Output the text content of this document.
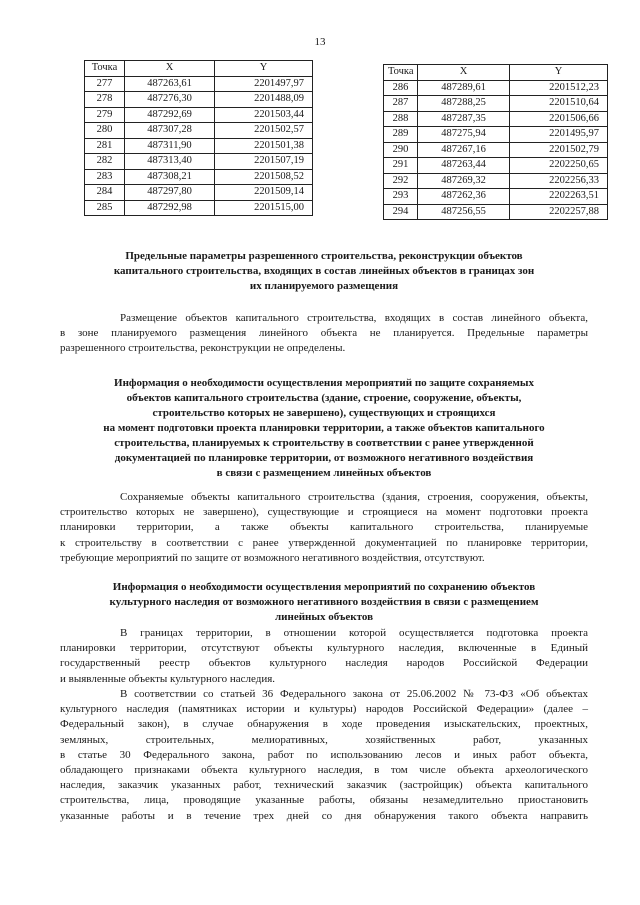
13
Точка	X	Y
277	487263,61	2201497,97
278	487276,30	2201488,09
279	487292,69	2201503,44
280	487307,28	2201502,57
281	487311,90	2201501,38
282	487313,40	2201507,19
283	487308,21	2201508,52
284	487297,80	2201509,14
285	487292,98	2201515,00
Точка	X	Y
286	487289,61	2201512,23
287	487288,25	2201510,64
288	487287,35	2201506,66
289	487275,94	2201495,97
290	487267,16	2201502,79
291	487263,44	2202250,65
292	487269,32	2202256,33
293	487262,36	2202263,51
294	487256,55	2202257,88
Предельные параметры разрешенного строительства, реконструкции объектов
капитального строительства, входящих в состав линейных объектов в границах зон
их планируемого размещения
Размещение объектов капитального строительства, входящих в состав линейного объекта,
в зоне планируемого размещения линейного объекта не планируется. Предельные параметры
разрешенного строительства, реконструкции не определены.
Информация о необходимости осуществления мероприятий по защите сохраняемых
объектов капитального строительства (здание, строение, сооружение, объекты,
строительство которых не завершено), существующих и строящихся
на момент подготовки проекта планировки территории, а также объектов капитального
строительства, планируемых к строительству в соответствии с ранее утвержденной
документацией по планировке территории, от возможного негативного воздействия
в связи с размещением линейных объектов
Сохраняемые объекты капитального строительства (здания, строения, сооружения, объекты,
строительство которых не завершено), существующие и строящиеся на момент подготовки проекта
планировки территории, а также объекты капитального строительства, планируемые
к строительству в соответствии с ранее утвержденной документацией по планировке территории,
требующие мероприятий по защите от возможного негативного воздействия, отсутствуют.
Информация о необходимости осуществления мероприятий по сохранению объектов
культурного наследия от возможного негативного воздействия в связи с размещением
линейных объектов
В границах территории, в отношении которой осуществляется подготовка проекта
планировки территории, отсутствуют объекты культурного наследия, включенные в Единый
государственный реестр объектов культурного наследия народов Российской Федерации
и выявленные объекты культурного наследия.
В соответствии со статьей 36 Федерального закона от 25.06.2002 № 73-ФЗ «Об объектах
культурного наследия (памятниках истории и культуры) народов Российской Федерации» (далее –
Федеральный закон), в случае обнаружения в ходе проведения изыскательских, проектных,
земляных, строительных, мелиоративных, хозяйственных работ, указанных
в статье 30 Федерального закона, работ по использованию лесов и иных работ объекта,
обладающего признаками объекта культурного наследия, в том числе объекта археологического
наследия, заказчик указанных работ, технический заказчик (застройщик) объекта капитального
строительства, лица, проводящие указанные работы, обязаны незамедлительно приостановить
указанные работы и в течение трех дней со дня обнаружения такого объекта направить
